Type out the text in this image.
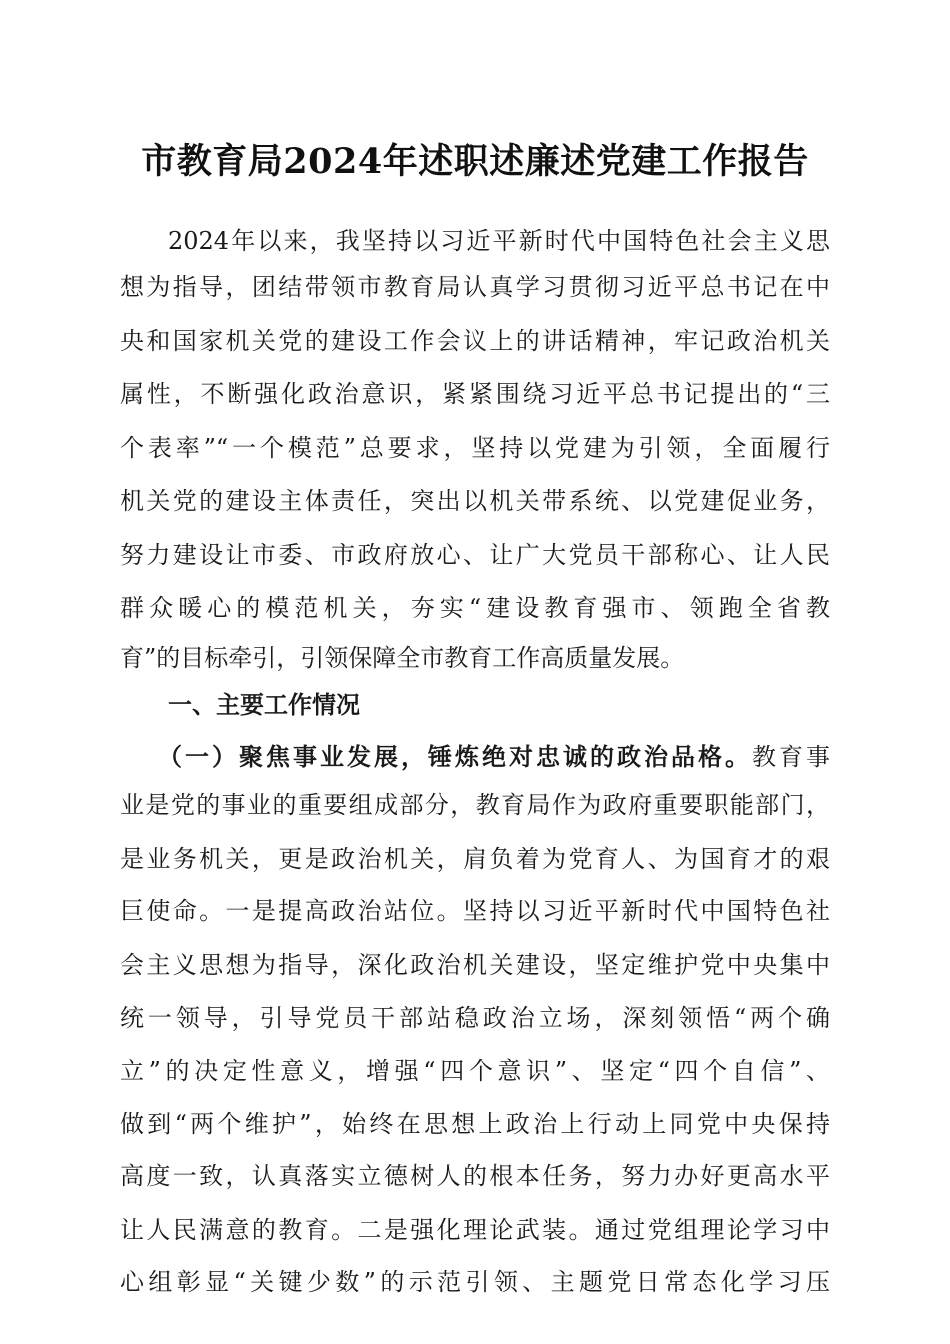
市教育局2024年述职述廉述党建工作报告
2024年以来，我坚持以习近平新时代中国特色社会主义思
想为指导，团结带领市教育局认真学习贯彻习近平总书记在中
央和国家机关党的建设工作会议上的讲话精神，牢记政治机关
属性，不断强化政治意识，紧紧围绕习近平总书记提出的“三
个表率”“一个模范”总要求，坚持以党建为引领，全面履行
机关党的建设主体责任，突出以机关带系统、以党建促业务，
努力建设让市委、市政府放心、让广大党员干部称心、让人民
群众暖心的模范机关，夯实“建设教育强市、领跑全省教
育”的目标牵引，引领保障全市教育工作高质量发展。
一、主要工作情况
（一）聚焦事业发展，锤炼绝对忠诚的政治品格。教育事
业是党的事业的重要组成部分，教育局作为政府重要职能部门，
是业务机关，更是政治机关，肩负着为党育人、为国育才的艰
巨使命。一是提高政治站位。坚持以习近平新时代中国特色社
会主义思想为指导，深化政治机关建设，坚定维护党中央集中
统一领导，引导党员干部站稳政治立场，深刻领悟“两个确
立”的决定性意义，增强“四个意识”、坚定“四个自信”、
做到“两个维护”，始终在思想上政治上行动上同党中央保持
高度一致，认真落实立德树人的根本任务，努力办好更高水平
让人民满意的教育。二是强化理论武装。通过党组理论学习中
心组彰显“关键少数”的示范引领、主题党日常态化学习压
